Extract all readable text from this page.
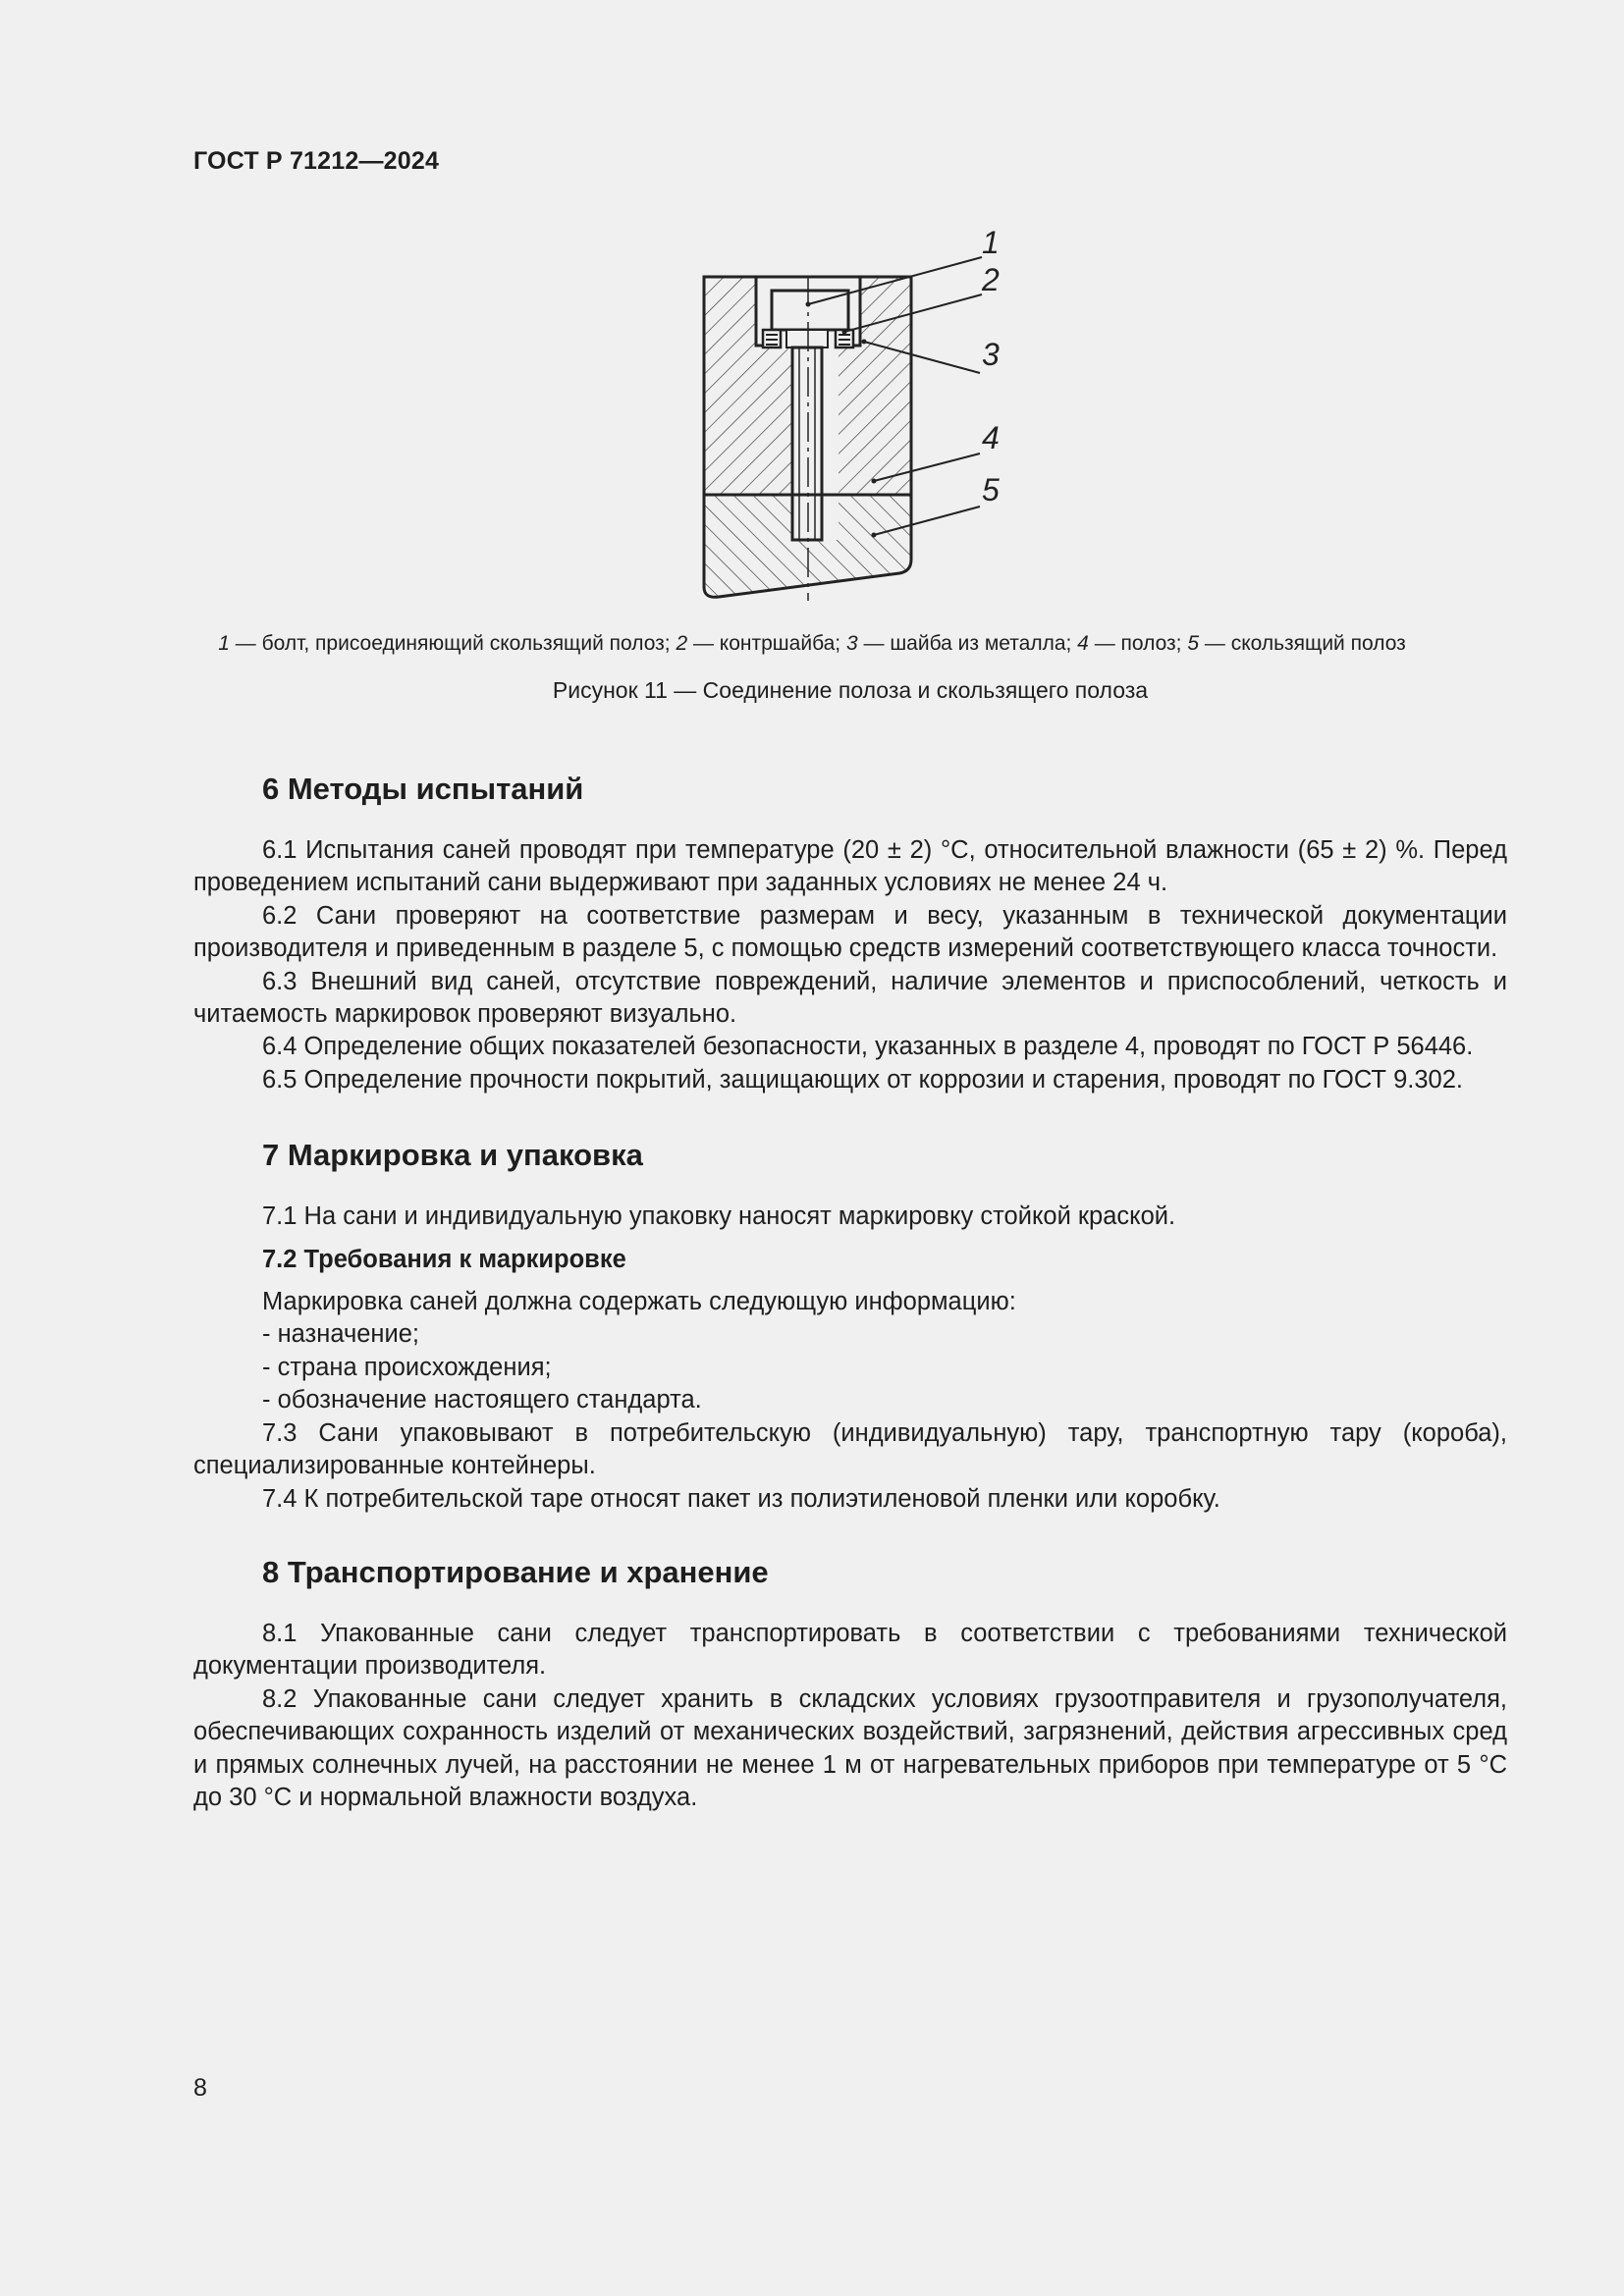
ГОСТ Р 71212—2024
1
2
3
4
5
1 — болт, присоединяющий скользящий полоз; 2 — контршайба; 3 — шайба из металла; 4 — полоз; 5 — скользящий полоз
Рисунок 11 — Соединение полоза и скользящего полоза
6 Методы испытаний

6.1 Испытания саней проводят при температуре (20 ± 2) °С, относительной влажности (65 ± 2) %. Перед проведением испытаний сани выдерживают при заданных условиях не менее 24 ч.

6.2 Сани проверяют на соответствие размерам и весу, указанным в технической документации производителя и приведенным в разделе 5, с помощью средств измерений соответствующего класса точности.

6.3 Внешний вид саней, отсутствие повреждений, наличие элементов и приспособлений, четкость и читаемость маркировок проверяют визуально.

6.4 Определение общих показателей безопасности, указанных в разделе 4, проводят по ГОСТ Р 56446.

6.5 Определение прочности покрытий, защищающих от коррозии и старения, проводят по ГОСТ 9.302.

7 Маркировка и упаковка

7.1 На сани и индивидуальную упаковку наносят маркировку стойкой краской.

7.2 Требования к маркировке

Маркировка саней должна содержать следующую информацию:

- назначение;
- страна происхождения;
- обозначение настоящего стандарта.

7.3 Сани упаковывают в потребительскую (индивидуальную) тару, транспортную тару (короба), специализированные контейнеры.

7.4 К потребительской таре относят пакет из полиэтиленовой пленки или коробку.

8 Транспортирование и хранение

8.1 Упакованные сани следует транспортировать в соответствии с требованиями технической документации производителя.

8.2 Упакованные сани следует хранить в складских условиях грузоотправителя и грузополучателя, обеспечивающих сохранность изделий от механических воздействий, загрязнений, действия агрессивных сред и прямых солнечных лучей, на расстоянии не менее 1 м от нагревательных приборов при температуре от 5 °С до 30 °С и нормальной влажности воздуха.

8
